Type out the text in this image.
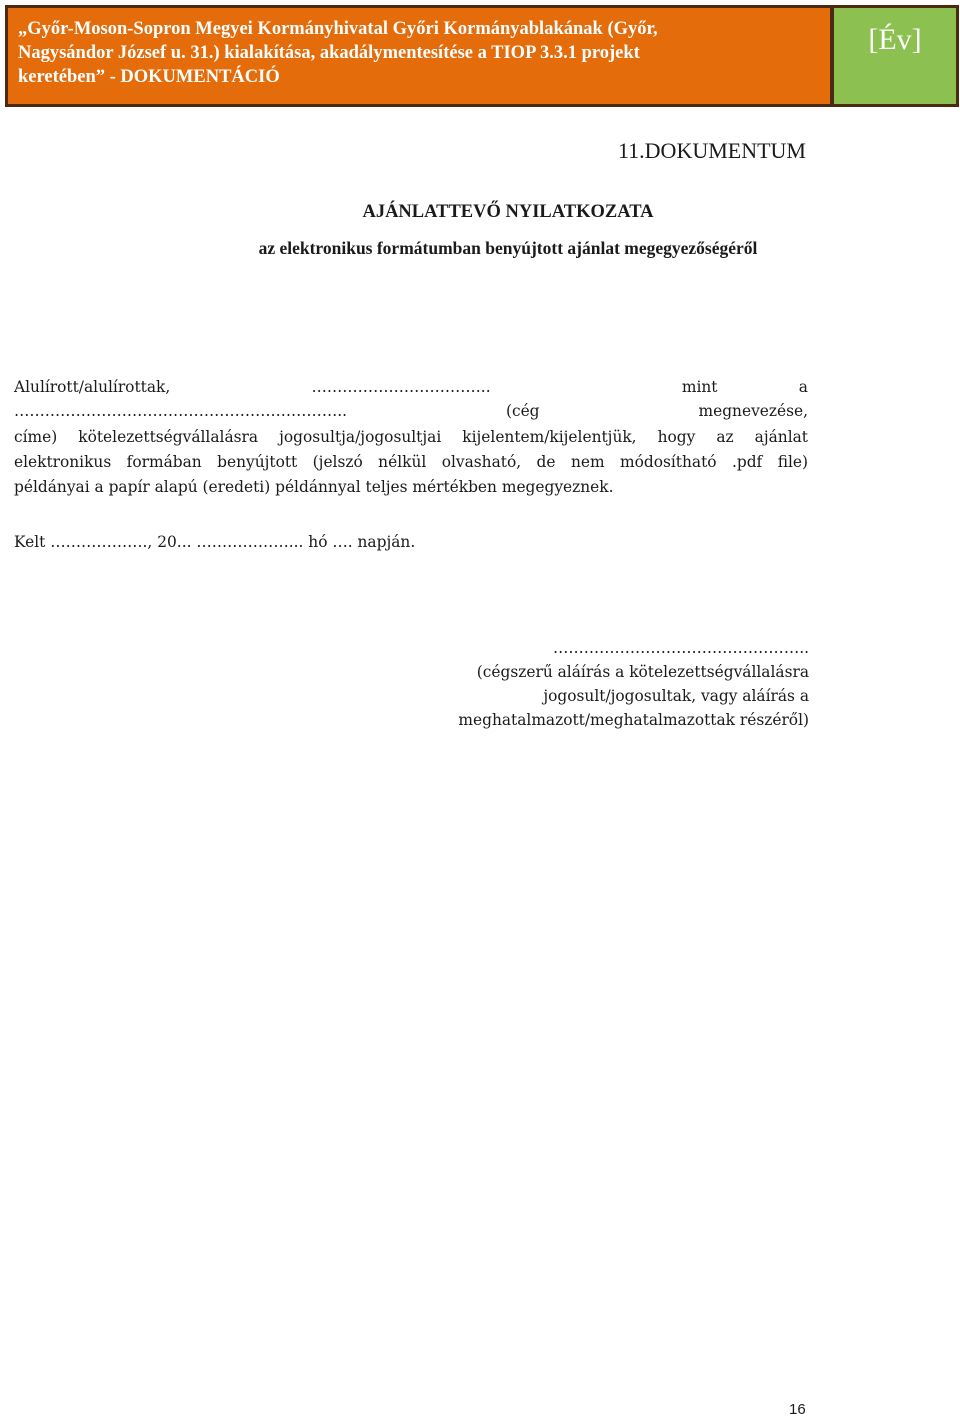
„Győr-Moson-Sopron Megyei Kormányhivatal Győri Kormányablakának (Győr,
Nagysándor József u. 31.) kialakítása, akadálymentesítése a TIOP 3.3.1 projekt
keretében” - DOKUMENTÁCIÓ
[Év]
11.DOKUMENTUM
AJÁNLATTEVŐ NYILATKOZATA
az elektronikus formátumban benyújtott ajánlat megegyezőségéről
Alulírott/alulírottak,	……………………………..	mint	a
………………………………………………………..	(cég	megnevezése,
címe) kötelezettségvállalásra jogosultja/jogosultjai kijelentem/kijelentjük, hogy az ajánlat
elektronikus formában benyújtott (jelszó nélkül olvasható, de nem módosítható .pdf file)
példányai a papír alapú (eredeti) példánnyal teljes mértékben megegyeznek.
Kelt ………………., 20... ………………... hó …. napján.
…………………………………………..
(cégszerű aláírás a kötelezettségvállalásra
jogosult/jogosultak, vagy aláírás a
meghatalmazott/meghatalmazottak részéről)
16
